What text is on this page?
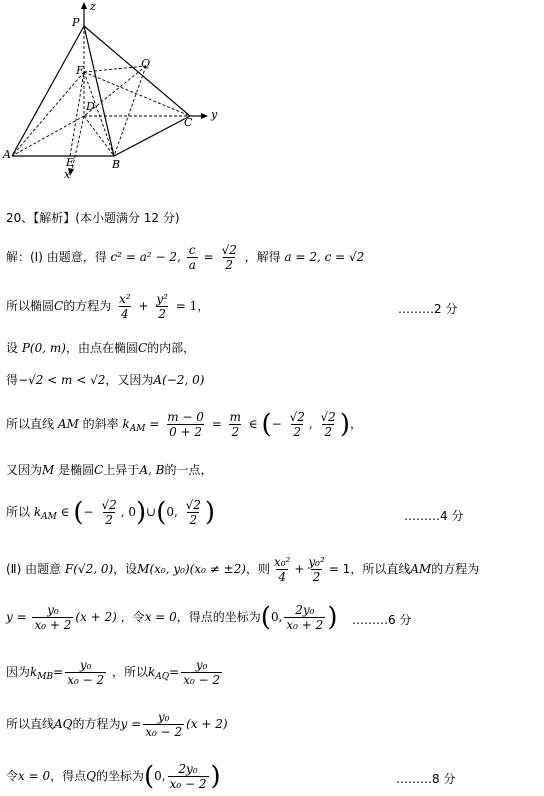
P
z
F
Q
D
C
y
A
E
x
B
20、【解析】(本小题满分 12 分)
解：(Ⅰ) 由题意，得 c² = a² − 2, $\frac{c}{a} = \frac{√2}{2}$ ，解得 a = 2, c = √2
所以椭圆C的方程为 $\frac{\text{x²}}{4} + \frac{\text{y²}}{2} = 1$，	………2 分
设 P(0, m)，由点在椭圆C的内部，
得−√2 < m < √2，又因为A(−2, 0)
所以直线 AM 的斜率 $k_{AM} = \frac{m - 0}{0 + 2} = \frac{m}{2}$ ∈ (− $\frac{√2}{2}$ , $\frac{√2}{2}$ )，
又因为M 是椭圆C上异于A, B的一点，
所以 $k_{AM}$ ∈ (− $\frac{√2}{2}$ , 0)∪(0, $\frac{√2}{2}$ )	………4 分
(Ⅱ) 由题意 F(√2, 0)，设M(x₀, y₀)(x₀ ≠ ±2)，则 $\frac{\text{x₀²}}{4} + \frac{\text{y₀²}}{2} = 1$，所以直线AM的方程为
$y = \frac{\text{y₀}}{\text{x₀ + 2}} (x + 2)$ ，令x = 0，得点的坐标为(0, $\frac{\text{2y₀}}{\text{x₀ + 2}}$ ) ………6 分
因为$k_{MB}= \frac{\text{y₀}}{\text{x₀ − 2}}$ ，所以$k_{AQ}= \frac{\text{y₀}}{\text{x₀ − 2}}$
所以直线AQ的方程为$y = \frac{\text{y₀}}{\text{x₀ − 2}} (x + 2)$
令x = 0，得点Q的坐标为(0, $\frac{\text{2y₀}}{\text{x₀ − 2}}$ )	………8 分
